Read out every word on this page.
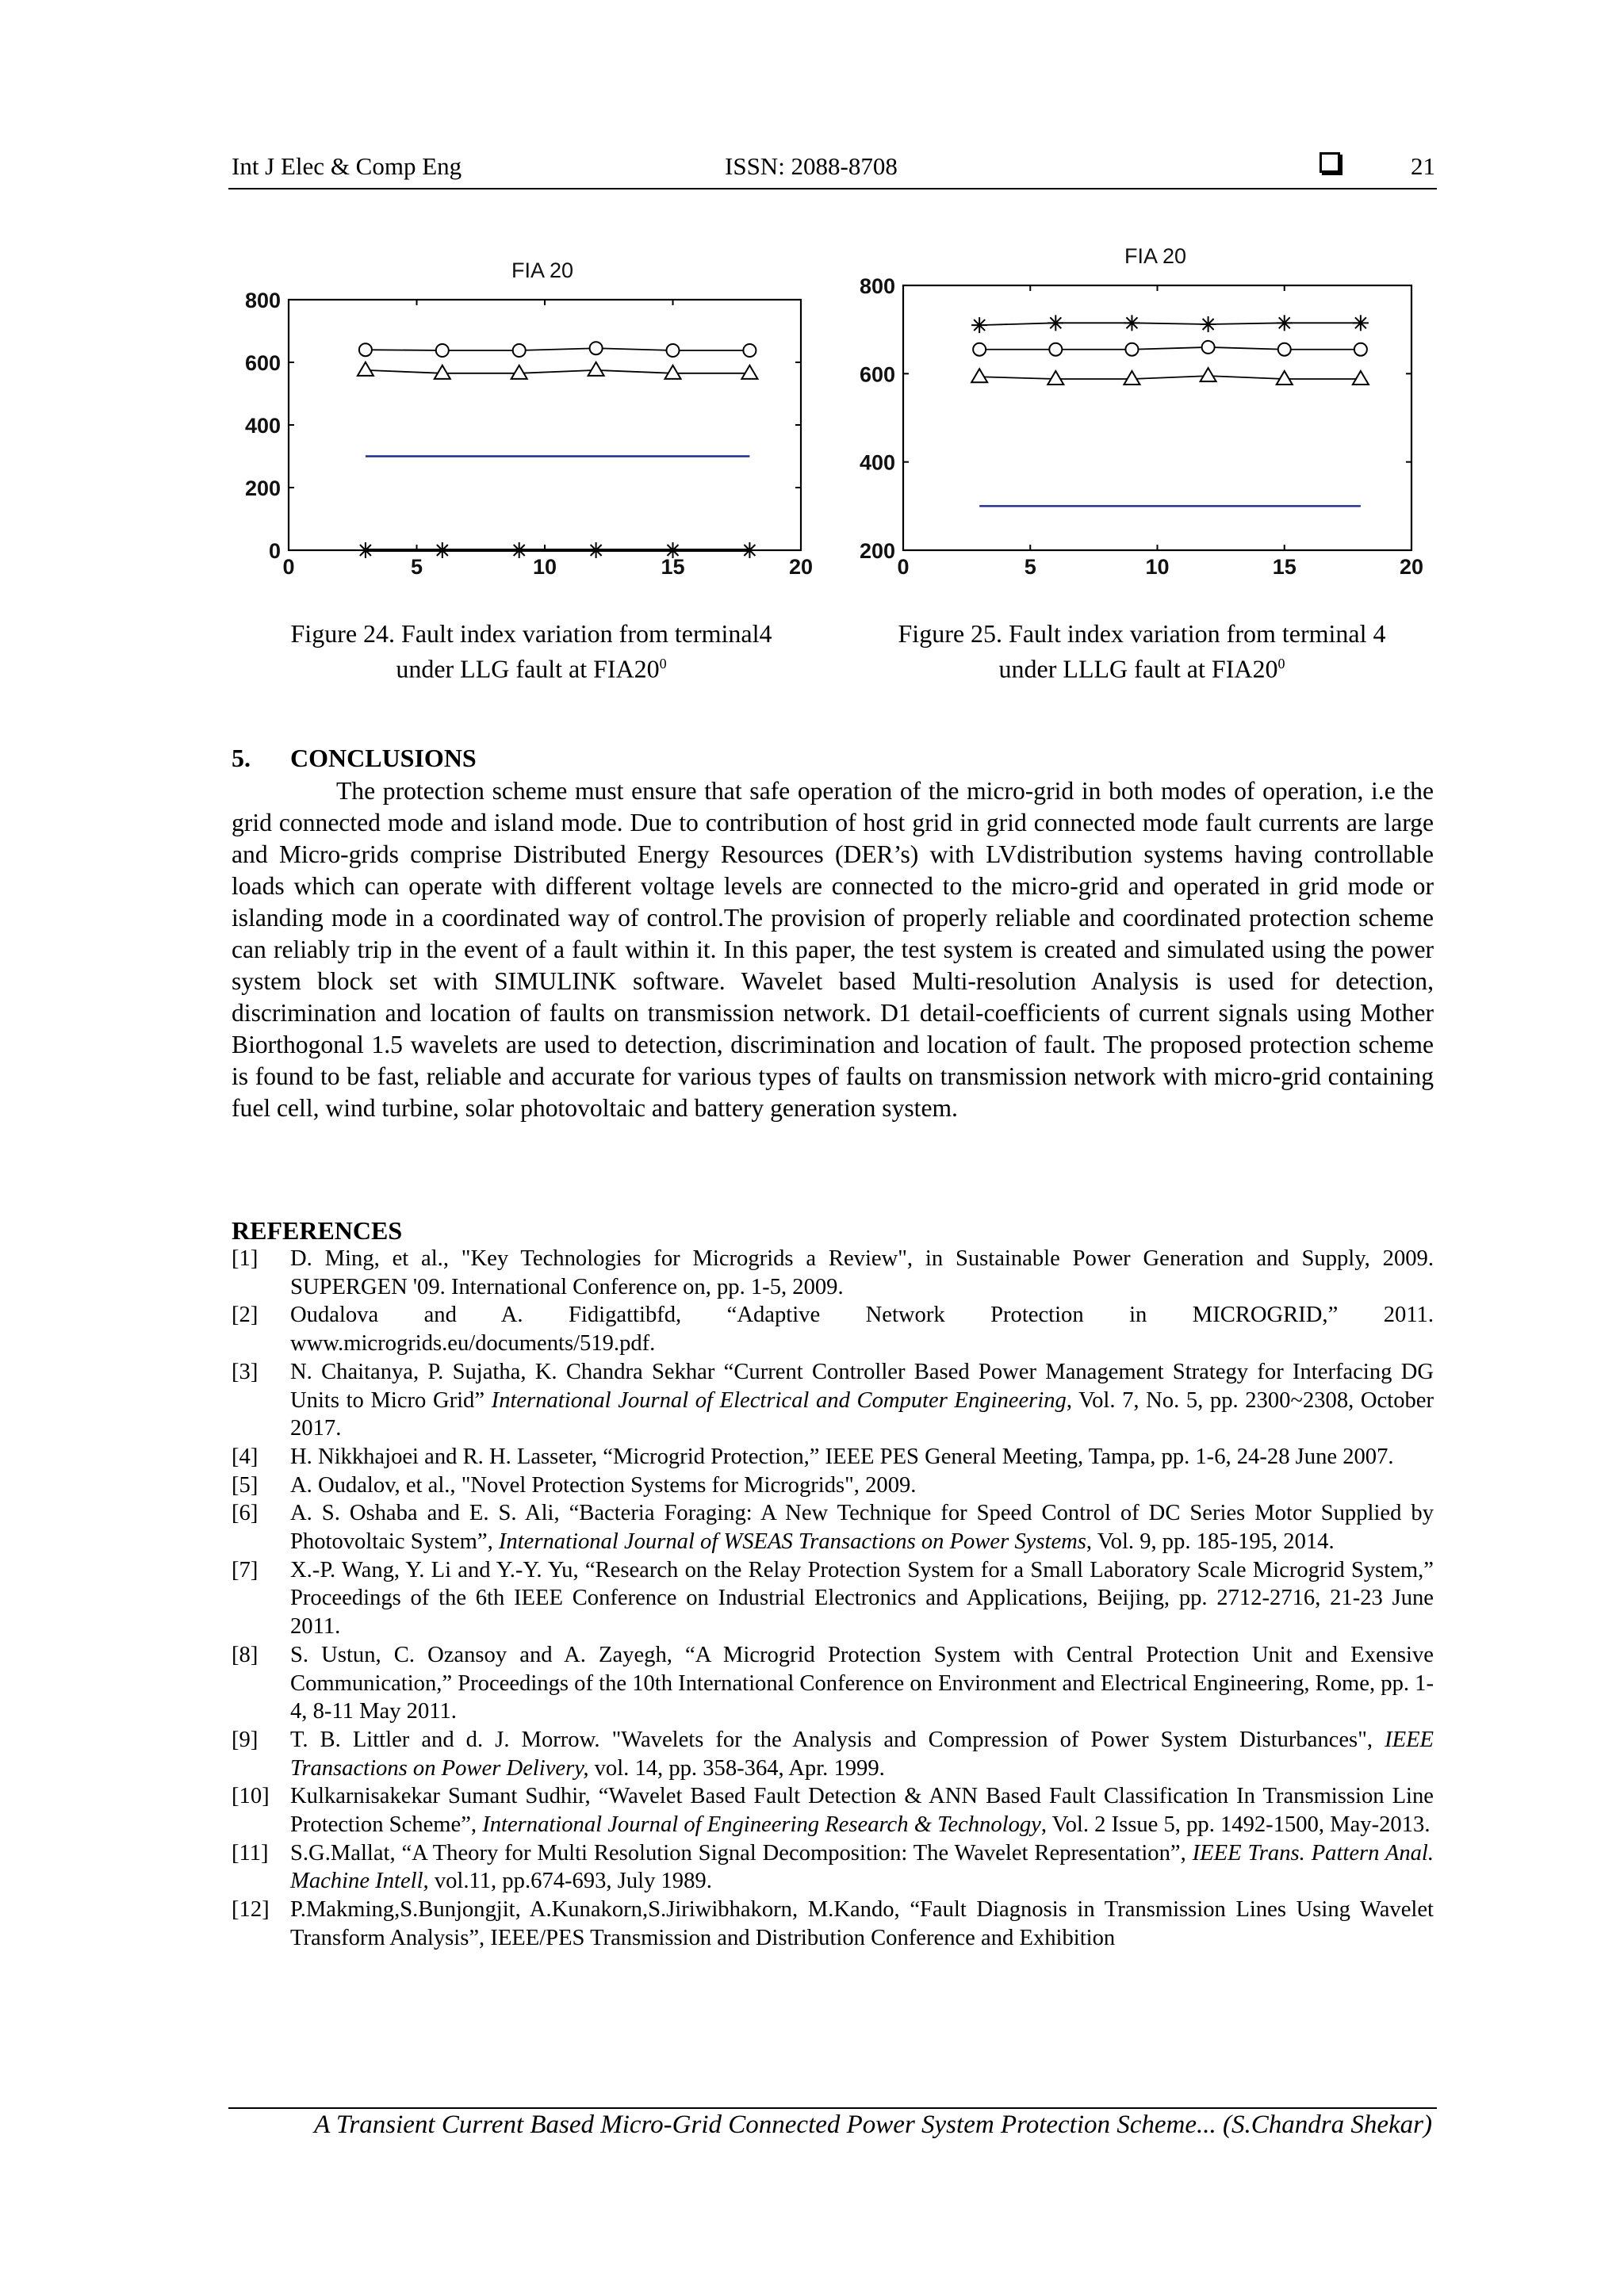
Int J Elec & Comp Eng	ISSN: 2088-8708	21
FIA 20
0	5	10	15	20
0
200
400
600
800
Figure 24. Fault index variation from terminal4
under LLG fault at $FIA20^0$
FIA 20
0	5	10	15	20
200
400
600
800
Figure 25. Fault index variation from terminal 4
under LLLG fault at $FIA20^0$
5. CONCLUSIONS

The protection scheme must ensure that safe operation of the micro-grid in both modes of operation, i.e the grid connected mode and island mode. Due to contribution of host grid in grid connected mode fault currents are large and Micro-grids comprise Distributed Energy Resources (DER’s) with LVdistribution systems having controllable loads which can operate with different voltage levels are connected to the micro-grid and operated in grid mode or islanding mode in a coordinated way of control.The provision of properly reliable and coordinated protection scheme can reliably trip in the event of a fault within it. In this paper, the test system is created and simulated using the power system block set with SIMULINK software. Wavelet based Multi-resolution Analysis is used for detection, discrimination and location of faults on transmission network. D1 detail-coefficients of current signals using Mother Biorthogonal 1.5 wavelets are used to detection, discrimination and location of fault. The proposed protection scheme is found to be fast, reliable and accurate for various types of faults on transmission network with micro-grid containing fuel cell, wind turbine, solar photovoltaic and battery generation system.

REFERENCES
[1] D. Ming, et al., "Key Technologies for Microgrids a Review", in Sustainable Power Generation and Supply, 2009. SUPERGEN '09. International Conference on, pp. 1-5, 2009.
[2] Oudalova and A. Fidigattibfd, “Adaptive Network Protection in MICROGRID,” 2011. www.microgrids.eu/documents/519.pdf.
[3] N. Chaitanya, P. Sujatha, K. Chandra Sekhar “Current Controller Based Power Management Strategy for Interfacing DG Units to Micro Grid” International Journal of Electrical and Computer Engineering, Vol. 7, No. 5, pp. 2300~2308, October 2017.
[4] H. Nikkhajoei and R. H. Lasseter, “Microgrid Protection,” IEEE PES General Meeting, Tampa, pp. 1-6, 24-28 June 2007.
[5] A. Oudalov, et al., "Novel Protection Systems for Microgrids", 2009.
[6] A. S. Oshaba and E. S. Ali, “Bacteria Foraging: A New Technique for Speed Control of DC Series Motor Supplied by Photovoltaic System”, International Journal of WSEAS Transactions on Power Systems, Vol. 9, pp. 185-195, 2014.
[7] X.-P. Wang, Y. Li and Y.-Y. Yu, “Research on the Relay Protection System for a Small Laboratory Scale Microgrid System,” Proceedings of the 6th IEEE Conference on Industrial Electronics and Applications, Beijing, pp. 2712-2716, 21-23 June 2011.
[8] S. Ustun, C. Ozansoy and A. Zayegh, “A Microgrid Protection System with Central Protection Unit and Exensive Communication,” Proceedings of the 10th International Conference on Environment and Electrical Engineering, Rome, pp. 1-4, 8-11 May 2011.
[9] T. B. Littler and d. J. Morrow. "Wavelets for the Analysis and Compression of Power System Disturbances", IEEE Transactions on Power Delivery, vol. 14, pp. 358-364, Apr. 1999.
[10] Kulkarnisakekar Sumant Sudhir, “Wavelet Based Fault Detection & ANN Based Fault Classification In Transmission Line Protection Scheme”, International Journal of Engineering Research & Technology, Vol. 2 Issue 5, pp. 1492-1500, May-2013.
[11] S.G.Mallat, “A Theory for Multi Resolution Signal Decomposition: The Wavelet Representation”, IEEE Trans. Pattern Anal. Machine Intell, vol.11, pp.674-693, July 1989.
[12] P.Makming,S.Bunjongjit, A.Kunakorn,S.Jiriwibhakorn, M.Kando, “Fault Diagnosis in Transmission Lines Using Wavelet Transform Analysis”, IEEE/PES Transmission and Distribution Conference and Exhibition
A Transient Current Based Micro-Grid Connected Power System Protection Scheme... (S.Chandra Shekar)
